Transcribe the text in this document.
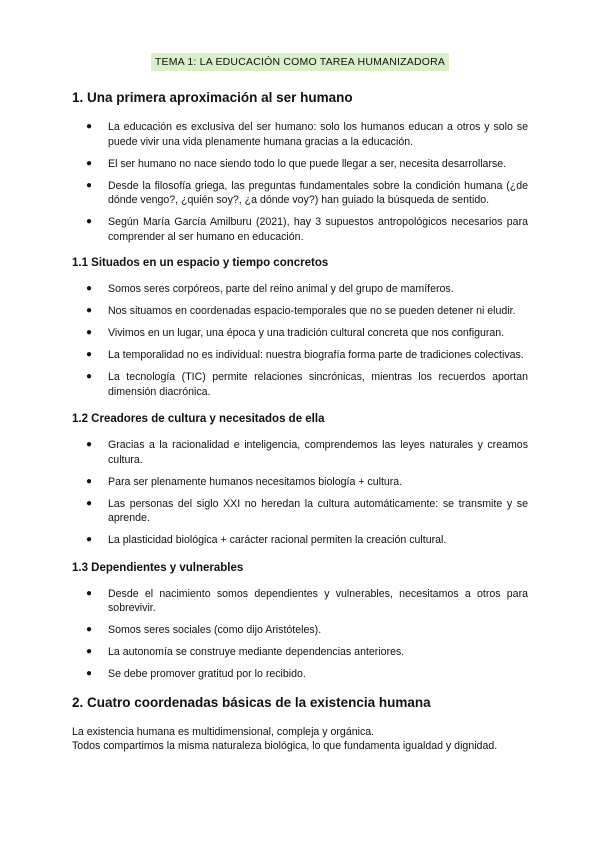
TEMA 1: LA EDUCACIÓN COMO TAREA HUMANIZADORA
1. Una primera aproximación al ser humano
● La educación es exclusiva del ser humano: solo los humanos educan a otros y solo se puede vivir una vida plenamente humana gracias a la educación.
● El ser humano no nace siendo todo lo que puede llegar a ser, necesita desarrollarse.
● Desde la filosofía griega, las preguntas fundamentales sobre la condición humana (¿de dónde vengo?, ¿quién soy?, ¿a dónde voy?) han guiado la búsqueda de sentido.
● Según María García Amilburu (2021), hay 3 supuestos antropológicos necesarios para comprender al ser humano en educación.
1.1 Situados en un espacio y tiempo concretos
● Somos seres corpóreos, parte del reino animal y del grupo de mamíferos.
● Nos situamos en coordenadas espacio-temporales que no se pueden detener ni eludir.
● Vivimos en un lugar, una época y una tradición cultural concreta que nos configuran.
● La temporalidad no es individual: nuestra biografía forma parte de tradiciones colectivas.
● La tecnología (TIC) permite relaciones sincrónicas, mientras los recuerdos aportan dimensión diacrónica.
1.2 Creadores de cultura y necesitados de ella
● Gracias a la racionalidad e inteligencia, comprendemos las leyes naturales y creamos cultura.
● Para ser plenamente humanos necesitamos biología + cultura.
● Las personas del siglo XXI no heredan la cultura automáticamente: se transmite y se aprende.
● La plasticidad biológica + carácter racional permiten la creación cultural.
1.3 Dependientes y vulnerables
● Desde el nacimiento somos dependientes y vulnerables, necesitamos a otros para sobrevivir.
● Somos seres sociales (como dijo Aristóteles).
● La autonomía se construye mediante dependencias anteriores.
● Se debe promover gratitud por lo recibido.
2. Cuatro coordenadas básicas de la existencia humana

La existencia humana es multidimensional, compleja y orgánica.
Todos compartimos la misma naturaleza biológica, lo que fundamenta igualdad y dignidad.
